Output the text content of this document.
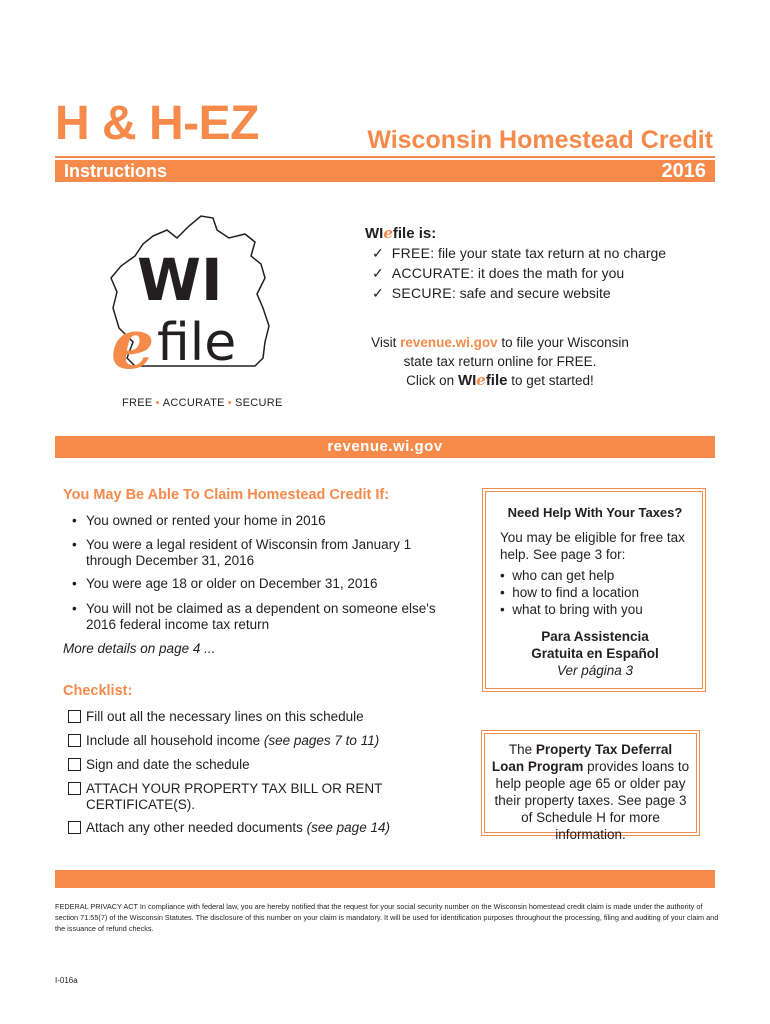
H & H-EZ	Wisconsin Homestead Credit
Instructions	2016
WI
e file
FREE • ACCURATE • SECURE
WIefile is:
✓ FREE: file your state tax return at no charge
✓ ACCURATE: it does the math for you
✓ SECURE: safe and secure website
Visit revenue.wi.gov to file your Wisconsin
state tax return online for FREE.
Click on WIefile to get started!
revenue.wi.gov
You May Be Able To Claim Homestead Credit If:
• You owned or rented your home in 2016
• You were a legal resident of Wisconsin from January 1 through December 31, 2016
• You were age 18 or older on December 31, 2016
• You will not be claimed as a dependent on someone else's 2016 federal income tax return
More details on page 4 ...
Checklist:
Fill out all the necessary lines on this schedule
Include all household income (see pages 7 to 11)
Sign and date the schedule
ATTACH YOUR PROPERTY TAX BILL OR RENT CERTIFICATE(S).
Attach any other needed documents (see page 14)
Need Help With Your Taxes?
You may be eligible for free tax help. See page 3 for:
•  who can get help
•  how to find a location
•  what to bring with you
Para Assistencia Gratuita en Español
Ver página 3
The Property Tax Deferral Loan Program provides loans to help people age 65 or older pay their property taxes. See page 3 of Schedule H for more information.
FEDERAL PRIVACY ACT In compliance with federal law, you are hereby notified that the request for your social security number on the Wisconsin homestead credit claim is made under the authority of section 71.55(7) of the Wisconsin Statutes. The disclosure of this number on your claim is mandatory. It will be used for identification purposes throughout the processing, filing and auditing of your claim and the issuance of refund checks.
I-016a
